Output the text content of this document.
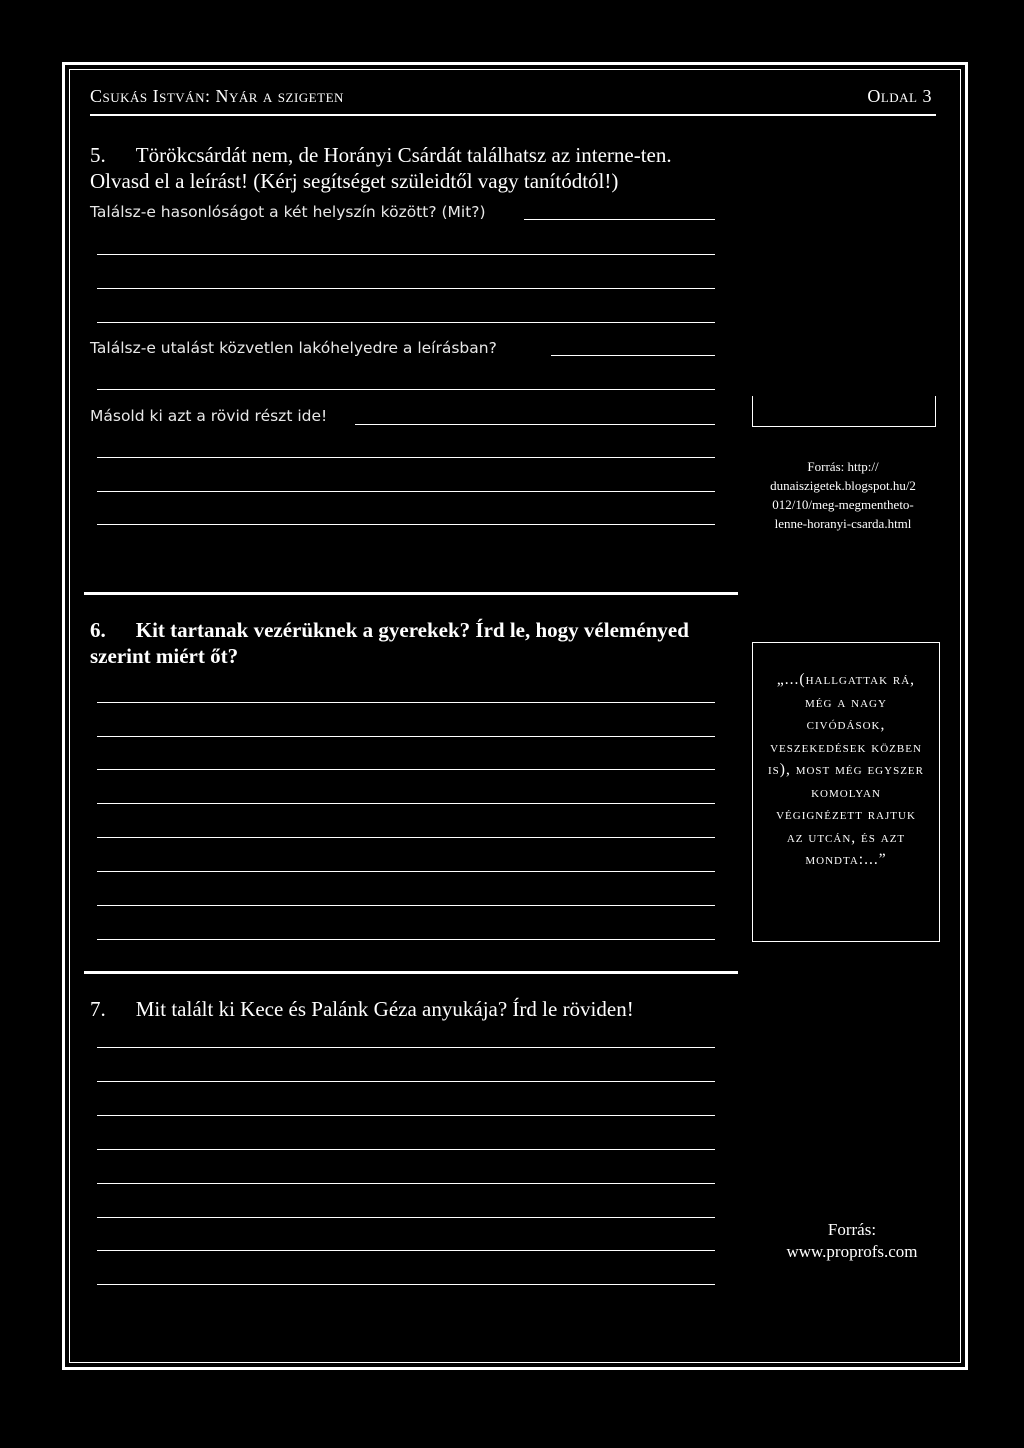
Csukás István: Nyár a szigeten	Oldal 3
5. Törökcsárdát nem, de Horányi Csárdát találhatsz az interne-ten. Olvasd el a leírást! (Kérj segítséget szüleidtől vagy tanítódtól!)
Találsz-e hasonlóságot a két helyszín között? (Mit?)
Találsz-e utalást közvetlen lakóhelyedre a leírásban?
Másold ki azt a rövid részt ide!
Forrás: http://
dunaiszigetek.blogspot.hu/2
012/10/meg-megmentheto-
lenne-horanyi-csarda.html
6. Kit tartanak vezérüknek a gyerekek? Írd le, hogy véleményed szerint miért őt?
„...(hallgattak rá, még a nagy civódások, veszekedések közben is), most még egyszer komolyan végignézett rajtuk az utcán, és azt mondta:...”
7. Mit talált ki Kece és Palánk Géza anyukája? Írd le röviden!
Forrás:
www.proprofs.com
